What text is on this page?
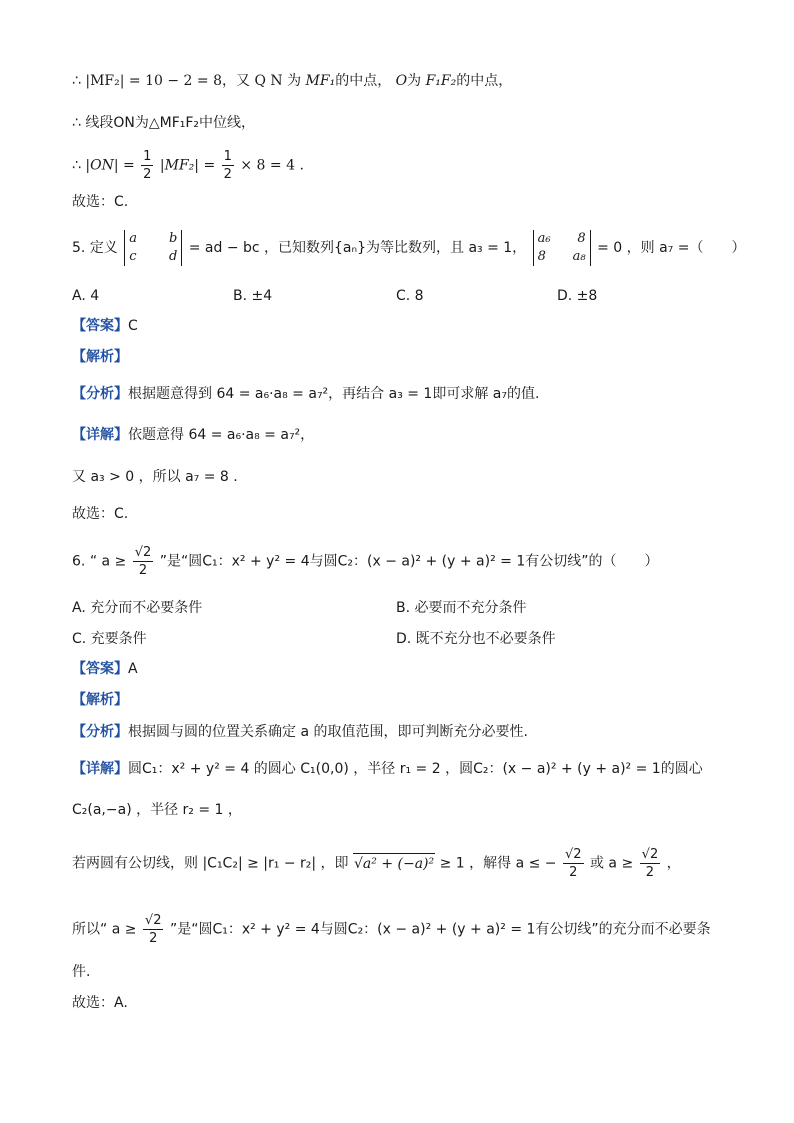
∴ |MF₂| = 10 − 2 = 8，又 Q N 为 MF₁的中点， O为 F₁F₂的中点，
∴ 线段ON为△MF₁F₂中位线，
∴ $|ON| = \frac{1}{2} |MF_2| = \frac{1}{2} \times 8 = 4$ .
故选：C.
5. 定义
a b
c d
= ad − bc ，已知数列{aₙ}为等比数列，且 a₃ = 1，
a₆ 8
8 a₈
= 0 ，则 a₇ =（　　）
A. 4	B. ±4	C. 8	D. ±8
【答案】C
【解析】
【分析】根据题意得到 64 = a₆·a₈ = a₇²，再结合 a₃ = 1即可求解 a₇的值.
【详解】依题意得 64 = a₆·a₈ = a₇²，
又 a₃ > 0 ，所以 a₇ = 8 .
故选：C.
6. “ $a \ge \frac{√2}{2}$ ”是“圆C₁：x² + y² = 4与圆C₂：(x − a)² + (y + a)² = 1有公切线”的（　　）
A. 充分而不必要条件	B. 必要而不充分条件
C. 充要条件	D. 既不充分也不必要条件
【答案】A
【解析】
【分析】根据圆与圆的位置关系确定 a 的取值范围，即可判断充分必要性.
【详解】圆C₁：x² + y² = 4 的圆心 C₁(0,0) ，半径 r₁ = 2 ，圆C₂：(x − a)² + (y + a)² = 1的圆心
C₂(a,−a) ，半径 r₂ = 1 ，
若两圆有公切线，则 |C₁C₂| ≥ |r₁ − r₂| ，即 √a² + (−a)² ≥ 1 ，解得 a ≤ − $\frac{√2}{2}$ 或 $a \ge \frac{√2}{2}$ ，
所以“ $a \ge \frac{√2}{2}$ ”是“圆C₁：x² + y² = 4与圆C₂：(x − a)² + (y + a)² = 1有公切线”的充分而不必要条
件.
故选：A.
